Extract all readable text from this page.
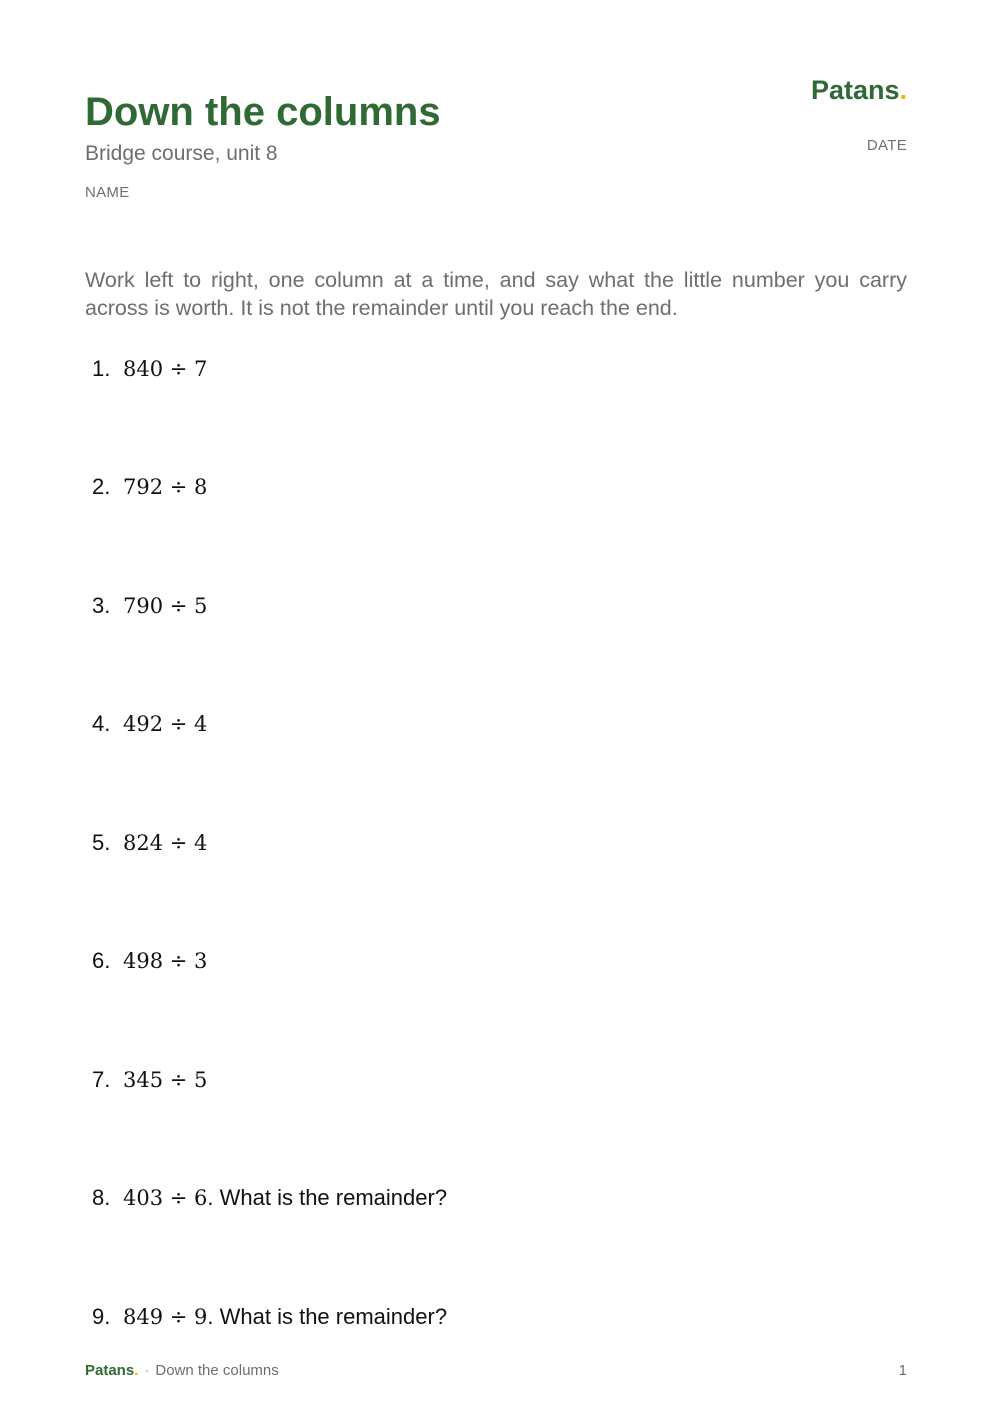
Down the columns
Bridge course, unit 8
NAME
Patans.
DATE

Work left to right, one column at a time, and say what the little number you carry across is worth. It is not the remainder until you reach the end.

1. 840 ÷ 7
2. 792 ÷ 8
3. 790 ÷ 5
4. 492 ÷ 4
5. 824 ÷ 4
6. 498 ÷ 3
7. 345 ÷ 5
8. 403 ÷ 6. What is the remainder?
9. 849 ÷ 9. What is the remainder?
Patans. · Down the columns	1
